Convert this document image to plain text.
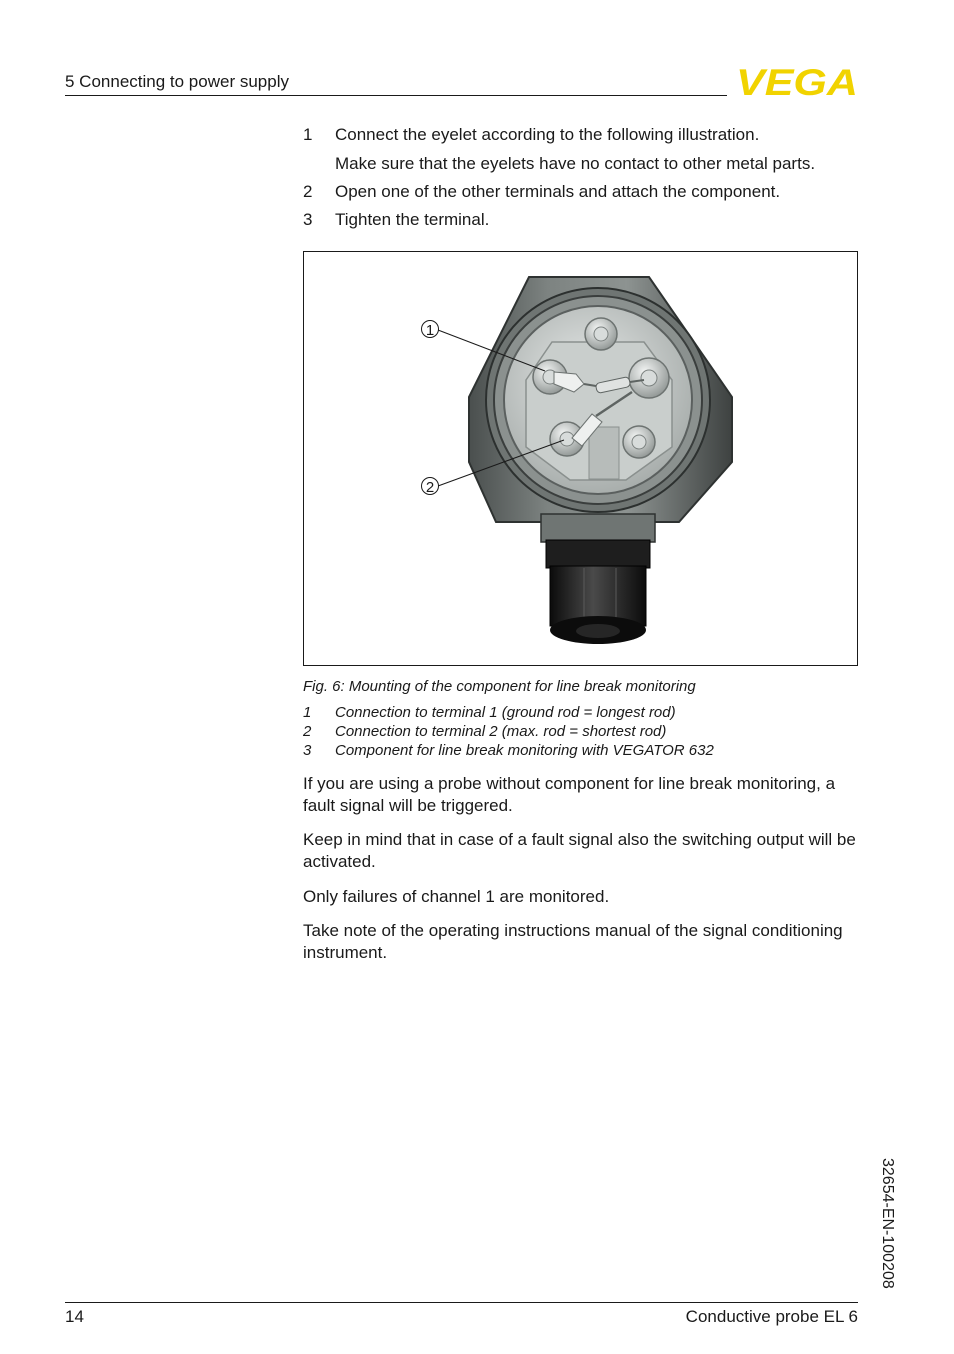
5 Connecting to power supply	VEGA
1 Connect the eyelet according to the following illustration.
Make sure that the eyelets have no contact to other metal parts.
2 Open one of the other terminals and attach the component.
3 Tighten the terminal.
1
2
Fig. 6: Mounting of the component for line break monitoring
1 Connection to terminal 1 (ground rod = longest rod)
2 Connection to terminal 2 (max. rod = shortest rod)
3 Component for line break monitoring with VEGATOR 632
If you are using a probe without component for line break monitoring, a fault signal will be triggered.
Keep in mind that in case of a fault signal also the switching output will be activated.
Only failures of channel 1 are monitored.
Take note of the operating instructions manual of the signal conditioning instrument.
32654-EN-100208
14	Conductive probe EL 6
